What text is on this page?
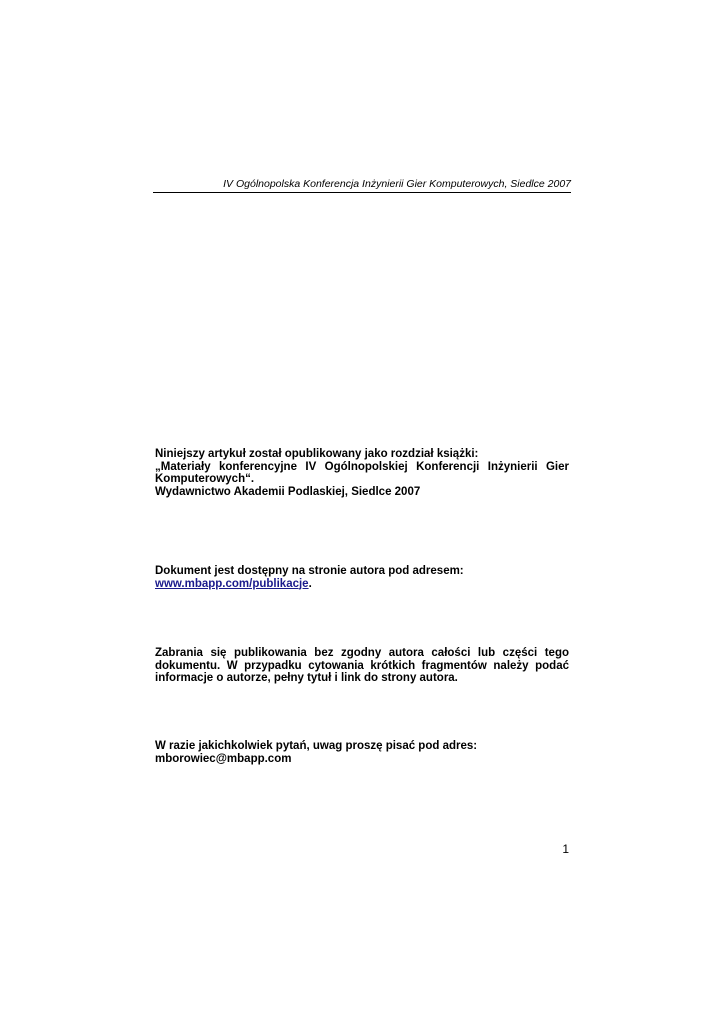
IV Ogólnopolska Konferencja Inżynierii Gier Komputerowych, Siedlce 2007

Niniejszy artykuł został opublikowany jako rozdział książki:

„Materiały konferencyjne IV Ogólnopolskiej Konferencji Inżynierii Gier Komputerowych“.

Wydawnictwo Akademii Podlaskiej, Siedlce 2007

Dokument jest dostępny na stronie autora pod adresem:

www.mbapp.com/publikacje.

Zabrania się publikowania bez zgodny autora całości lub części tego dokumentu. W przypadku cytowania krótkich fragmentów należy podać informacje o autorze, pełny tytuł i link do strony autora.

W razie jakichkolwiek pytań, uwag proszę pisać pod adres:

mborowiec@mbapp.com

1
